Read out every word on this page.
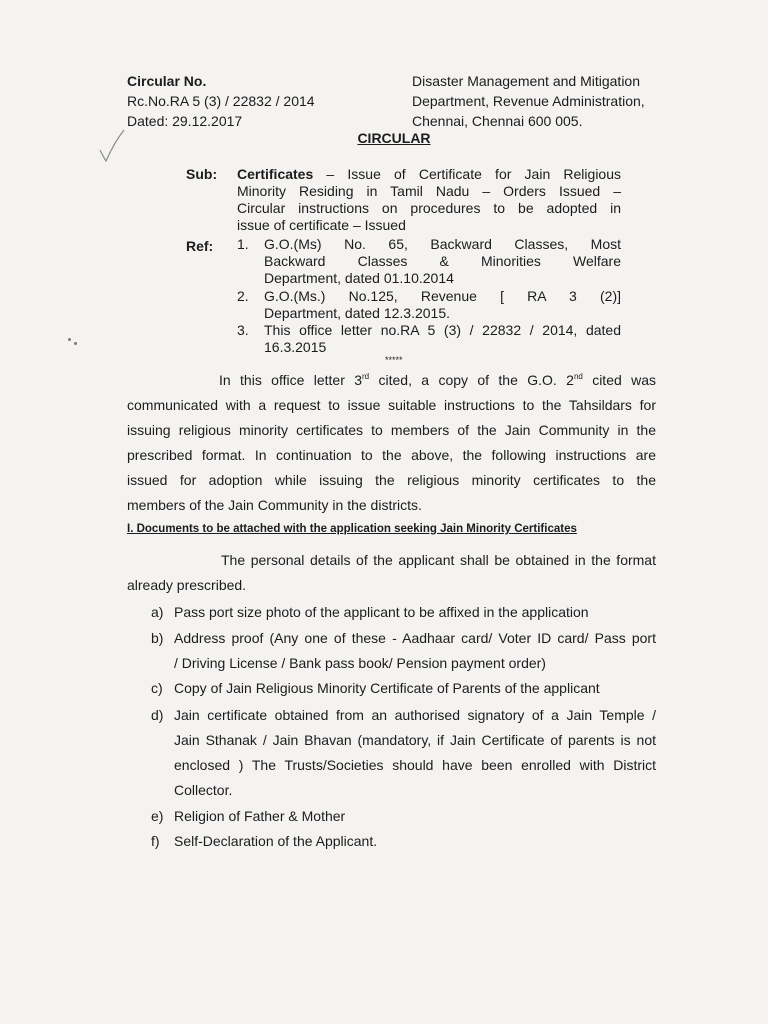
Circular No.
Rc.No.RA 5 (3) / 22832 / 2014
Dated: 29.12.2017
Disaster Management and Mitigation
Department, Revenue Administration,
Chennai, Chennai 600 005.
CIRCULAR
Sub: Certificates – Issue of Certificate for Jain Religious
Minority Residing in Tamil Nadu – Orders Issued –
Circular instructions on procedures to be adopted in
issue of certificate – Issued
Ref: 1. G.O.(Ms) No. 65, Backward Classes, Most
Backward Classes & Minorities Welfare
Department, dated 01.10.2014
2. G.O.(Ms.) No.125, Revenue [ RA 3 (2)]
Department, dated 12.3.2015.
3. This office letter no.RA 5 (3) / 22832 / 2014, dated
16.3.2015
*****
In this office letter 3rd cited, a copy of the G.O. 2nd cited was
communicated with a request to issue suitable instructions to the Tahsildars for
issuing religious minority certificates to members of the Jain Community in the
prescribed format. In continuation to the above, the following instructions are
issued for adoption while issuing the religious minority certificates to the
members of the Jain Community in the districts.
I. Documents to be attached with the application seeking Jain Minority Certificates
The personal details of the applicant shall be obtained in the format
already prescribed.
a) Pass port size photo of the applicant to be affixed in the application
b) Address proof (Any one of these - Aadhaar card/ Voter ID card/ Pass port
/ Driving License / Bank pass book/ Pension payment order)
c) Copy of Jain Religious Minority Certificate of Parents of the applicant
d) Jain certificate obtained from an authorised signatory of a Jain Temple /
Jain Sthanak / Jain Bhavan (mandatory, if Jain Certificate of parents is not
enclosed ) The Trusts/Societies should have been enrolled with District
Collector.
e) Religion of Father & Mother
f) Self-Declaration of the Applicant.
